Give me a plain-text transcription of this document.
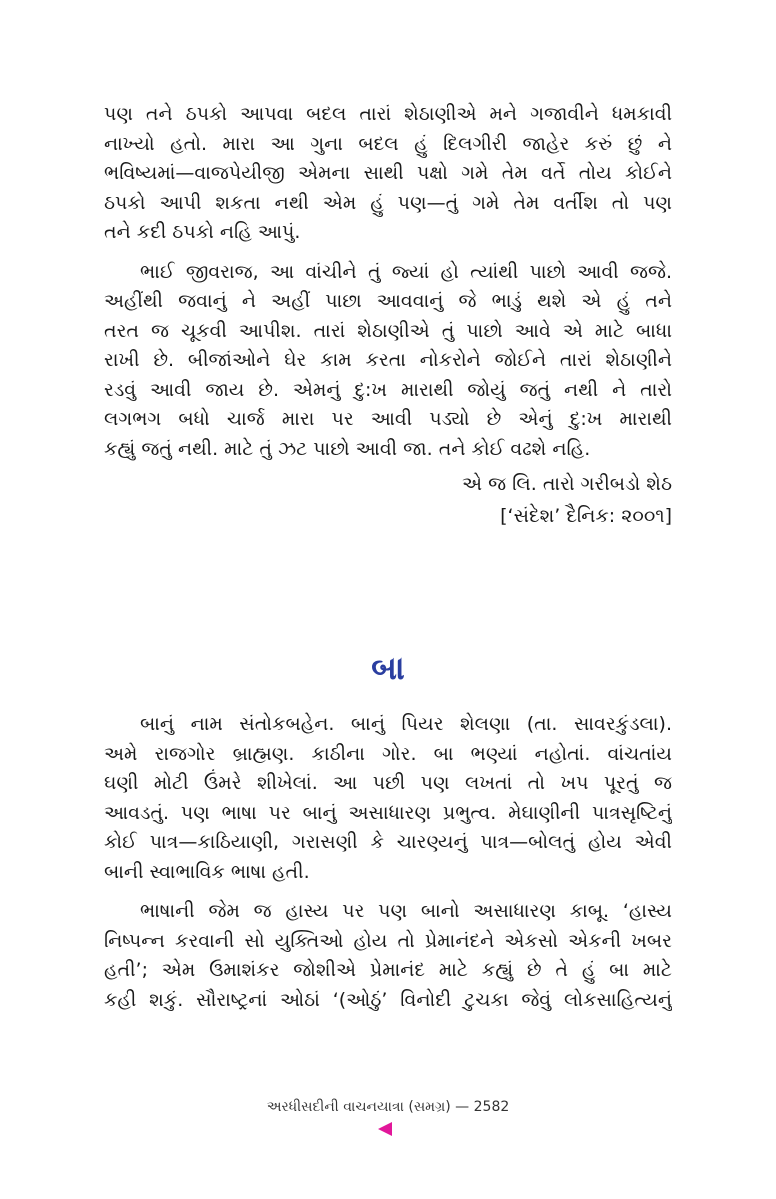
પણ તને ઠપકો આપવા બદલ તારાં શેઠાણીએ મને ગજાવીને ધમકાવી
નાખ્યો હતો. મારા આ ગુના બદલ હું દિલગીરી જાહેર કરું છું ને
ભવિષ્યમાં—વાજપેયીજી એમના સાથી પક્ષો ગમે તેમ વર્તે તોય કોઈને
ઠપકો આપી શકતા નથી એમ હું પણ—તું ગમે તેમ વર્તીશ તો પણ
તને કદી ઠપકો નહિ આપું.
ભાઈ જીવરાજ, આ વાંચીને તું જ્યાં હો ત્યાંથી પાછો આવી જજે.
અહીંથી જવાનું ને અહીં પાછા આવવાનું જે ભાડું થશે એ હું તને
તરત જ ચૂકવી આપીશ. તારાં શેઠાણીએ તું પાછો આવે એ માટે બાધા
રાખી છે. બીજાંઓને ઘેર કામ કરતા નોકરોને જોઈને તારાં શેઠાણીને
રડવું આવી જાય છે. એમનું દુ:ખ મારાથી જોયું જતું નથી ને તારો
લગભગ બધો ચાર્જ મારા પર આવી પડ્યો છે એનું દુ:ખ મારાથી
કહ્યું જતું નથી. માટે તું ઝટ પાછો આવી જા. તને કોઈ વઢશે નહિ.
એ જ લિ. તારો ગરીબડો શેઠ
[‘સંદેશ’ દૈનિક: ૨૦૦૧]
બા
બાનું નામ સંતોકબહેન. બાનું પિયર શેલણા (તા. સાવરકુંડલા).
અમે રાજગોર બ્રાહ્મણ. કાઠીના ગોર. બા ભણ્યાં નહોતાં. વાંચતાંય
ઘણી મોટી ઉંમરે શીખેલાં. આ પછી પણ લખતાં તો ખપ પૂરતું જ
આવડતું. પણ ભાષા પર બાનું અસાધારણ પ્રભુત્વ. મેઘાણીની પાત્રસૃષ્ટિનું
કોઈ પાત્ર—કાઠિયાણી, ગરાસણી કે ચારણ્યનું પાત્ર—બોલતું હોય એવી
બાની સ્વાભાવિક ભાષા હતી.
ભાષાની જેમ જ હાસ્ય પર પણ બાનો અસાધારણ કાબૂ. ‘હાસ્ય
નિષ્પન્ન કરવાની સો યુક્તિઓ હોય તો પ્રેમાનંદને એકસો એકની ખબર
હતી’; એમ ઉમાશંકર જોશીએ પ્રેમાનંદ માટે કહ્યું છે તે હું બા માટે
કહી શકું. સૌરાષ્ટ્રનાં ઓઠાં ‘(ઓઠું’ વિનોદી ટુચકા જેવું લોકસાહિત્યનું
અરધીસદીની વાચનયાત્રા (સમગ્ર) — 2582
